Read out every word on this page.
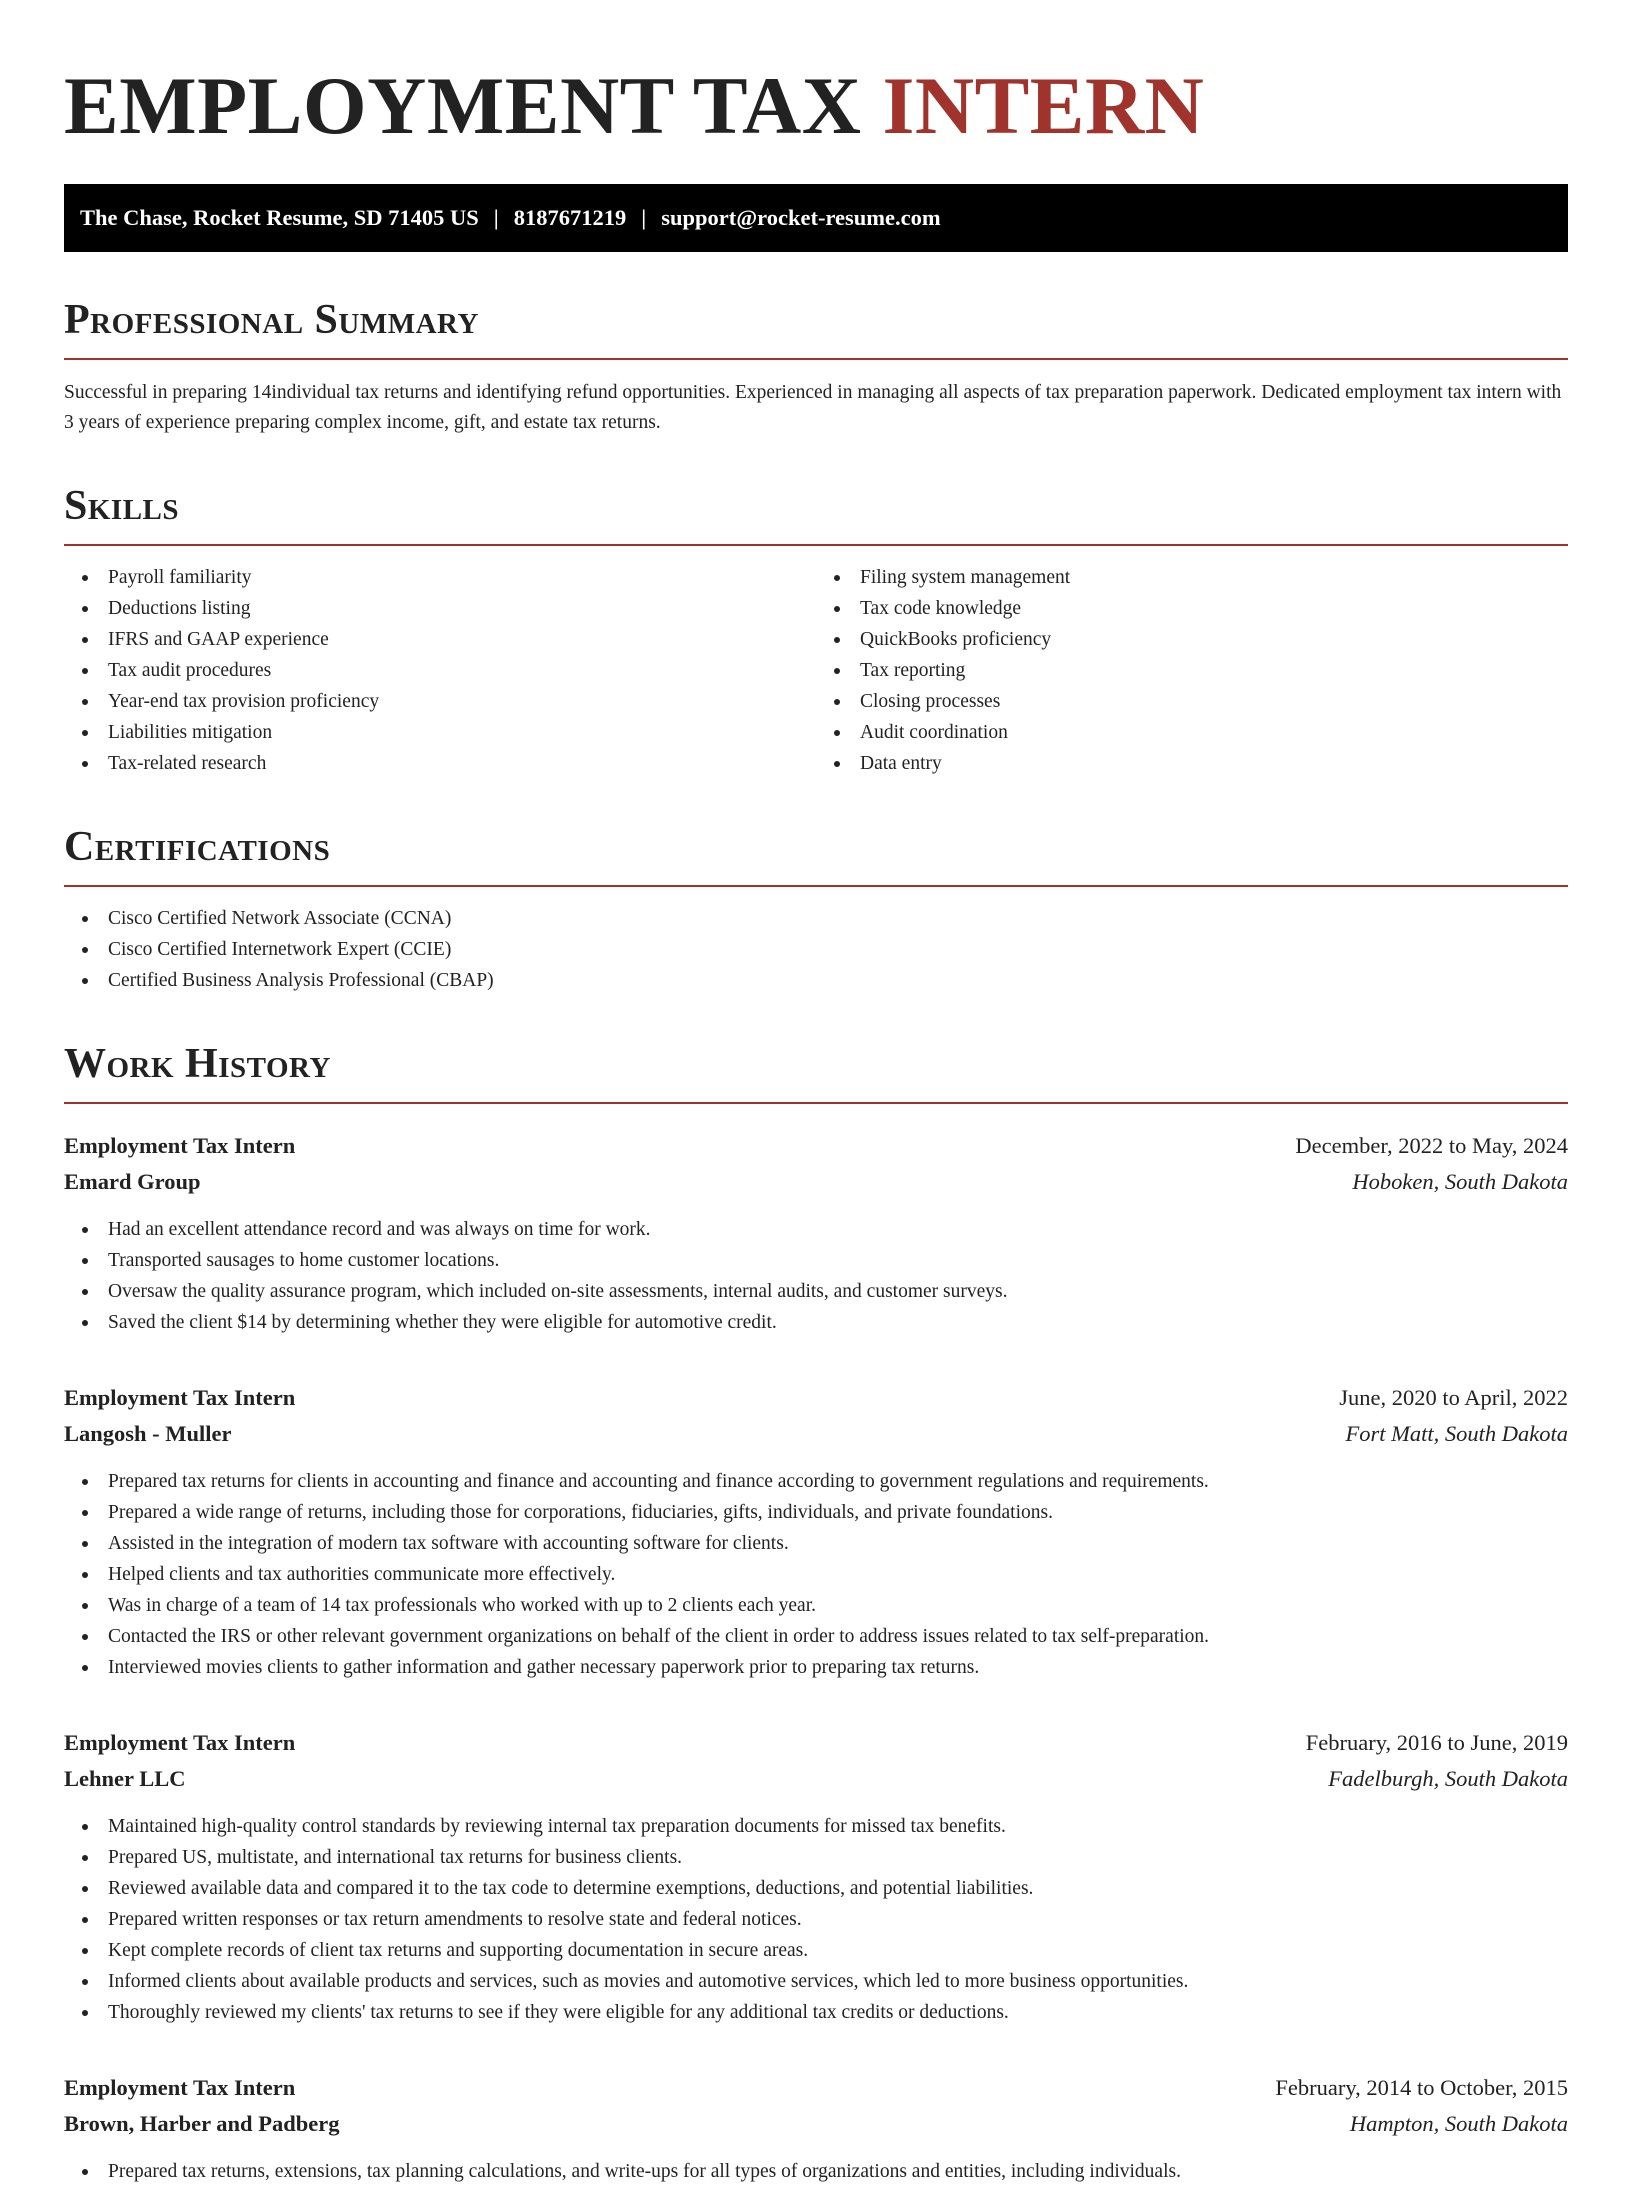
EMPLOYMENT TAX INTERN
The Chase, Rocket Resume, SD 71405 US | 8187671219 | support@rocket-resume.com
Professional Summary

Successful in preparing 14individual tax returns and identifying refund opportunities. Experienced in managing all aspects of tax preparation paperwork. Dedicated employment tax intern with 3 years of experience preparing complex income, gift, and estate tax returns.

Skills
Payroll familiarity
Deductions listing
IFRS and GAAP experience
Tax audit procedures
Year-end tax provision proficiency
Liabilities mitigation
Tax-related research
Filing system management
Tax code knowledge
QuickBooks proficiency
Tax reporting
Closing processes
Audit coordination
Data entry
Certifications
Cisco Certified Network Associate (CCNA)
Cisco Certified Internetwork Expert (CCIE)
Certified Business Analysis Professional (CBAP)
Work History
Employment Tax Intern	December, 2022 to May, 2024
Emard Group	Hoboken, South Dakota
Had an excellent attendance record and was always on time for work.
Transported sausages to home customer locations.
Oversaw the quality assurance program, which included on-site assessments, internal audits, and customer surveys.
Saved the client $14 by determining whether they were eligible for automotive credit.
Employment Tax Intern	June, 2020 to April, 2022
Langosh - Muller	Fort Matt, South Dakota
Prepared tax returns for clients in accounting and finance and accounting and finance according to government regulations and requirements.
Prepared a wide range of returns, including those for corporations, fiduciaries, gifts, individuals, and private foundations.
Assisted in the integration of modern tax software with accounting software for clients.
Helped clients and tax authorities communicate more effectively.
Was in charge of a team of 14 tax professionals who worked with up to 2 clients each year.
Contacted the IRS or other relevant government organizations on behalf of the client in order to address issues related to tax self-preparation.
Interviewed movies clients to gather information and gather necessary paperwork prior to preparing tax returns.
Employment Tax Intern	February, 2016 to June, 2019
Lehner LLC	Fadelburgh, South Dakota
Maintained high-quality control standards by reviewing internal tax preparation documents for missed tax benefits.
Prepared US, multistate, and international tax returns for business clients.
Reviewed available data and compared it to the tax code to determine exemptions, deductions, and potential liabilities.
Prepared written responses or tax return amendments to resolve state and federal notices.
Kept complete records of client tax returns and supporting documentation in secure areas.
Informed clients about available products and services, such as movies and automotive services, which led to more business opportunities.
Thoroughly reviewed my clients' tax returns to see if they were eligible for any additional tax credits or deductions.
Employment Tax Intern	February, 2014 to October, 2015
Brown, Harber and Padberg	Hampton, South Dakota
Prepared tax returns, extensions, tax planning calculations, and write-ups for all types of organizations and entities, including individuals.
